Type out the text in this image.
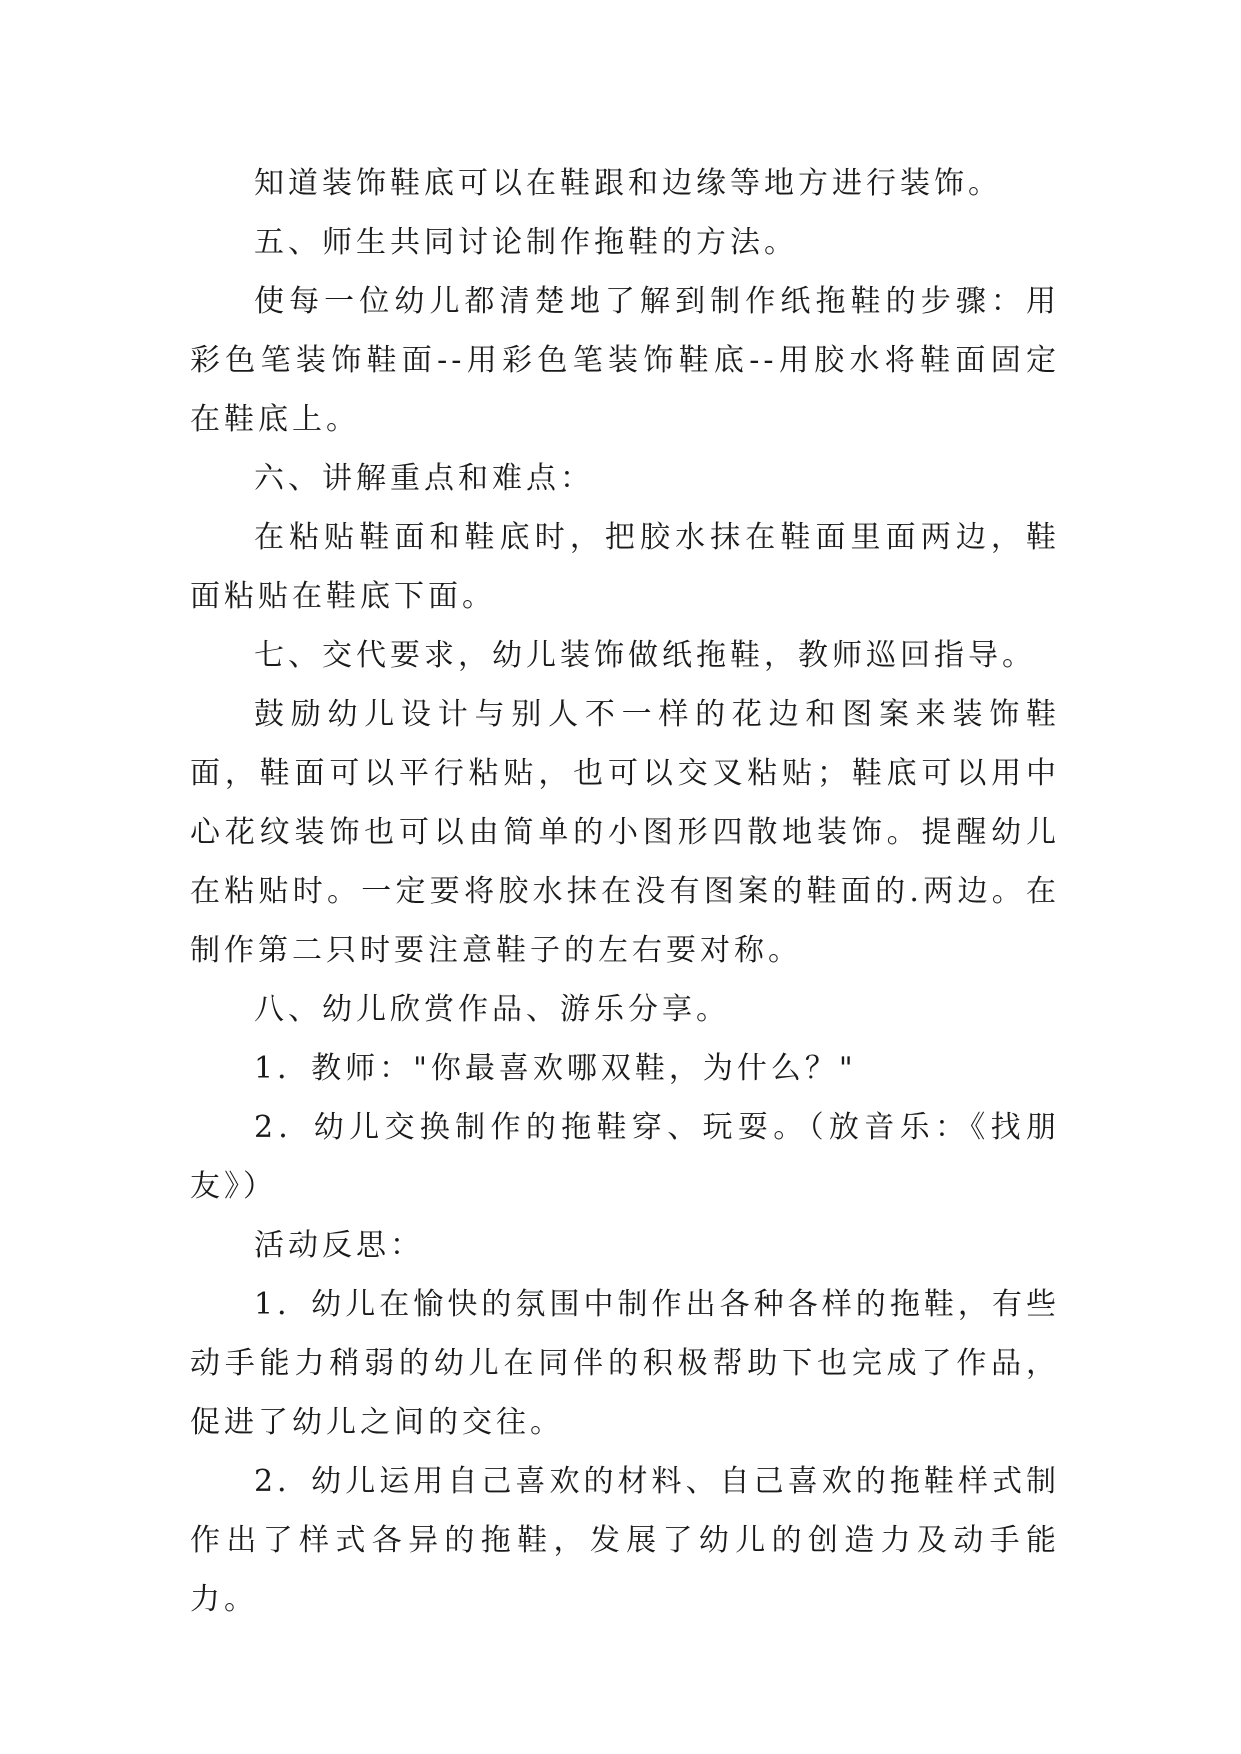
知道装饰鞋底可以在鞋跟和边缘等地方进行装饰。

五、师生共同讨论制作拖鞋的方法。

使每一位幼儿都清楚地了解到制作纸拖鞋的步骤：用彩色笔装饰鞋面--用彩色笔装饰鞋底--用胶水将鞋面固定在鞋底上。

六、讲解重点和难点：

在粘贴鞋面和鞋底时，把胶水抹在鞋面里面两边，鞋面粘贴在鞋底下面。

七、交代要求，幼儿装饰做纸拖鞋，教师巡回指导。

鼓励幼儿设计与别人不一样的花边和图案来装饰鞋面，鞋面可以平行粘贴，也可以交叉粘贴；鞋底可以用中心花纹装饰也可以由简单的小图形四散地装饰。提醒幼儿在粘贴时。一定要将胶水抹在没有图案的鞋面的.两边。在制作第二只时要注意鞋子的左右要对称。

八、幼儿欣赏作品、游乐分享。

1．教师："你最喜欢哪双鞋，为什么？"

2．幼儿交换制作的拖鞋穿、玩耍。（放音乐：《找朋友》）

活动反思：

1．幼儿在愉快的氛围中制作出各种各样的拖鞋，有些动手能力稍弱的幼儿在同伴的积极帮助下也完成了作品，促进了幼儿之间的交往。

2．幼儿运用自己喜欢的材料、自己喜欢的拖鞋样式制作出了样式各异的拖鞋，发展了幼儿的创造力及动手能力。
